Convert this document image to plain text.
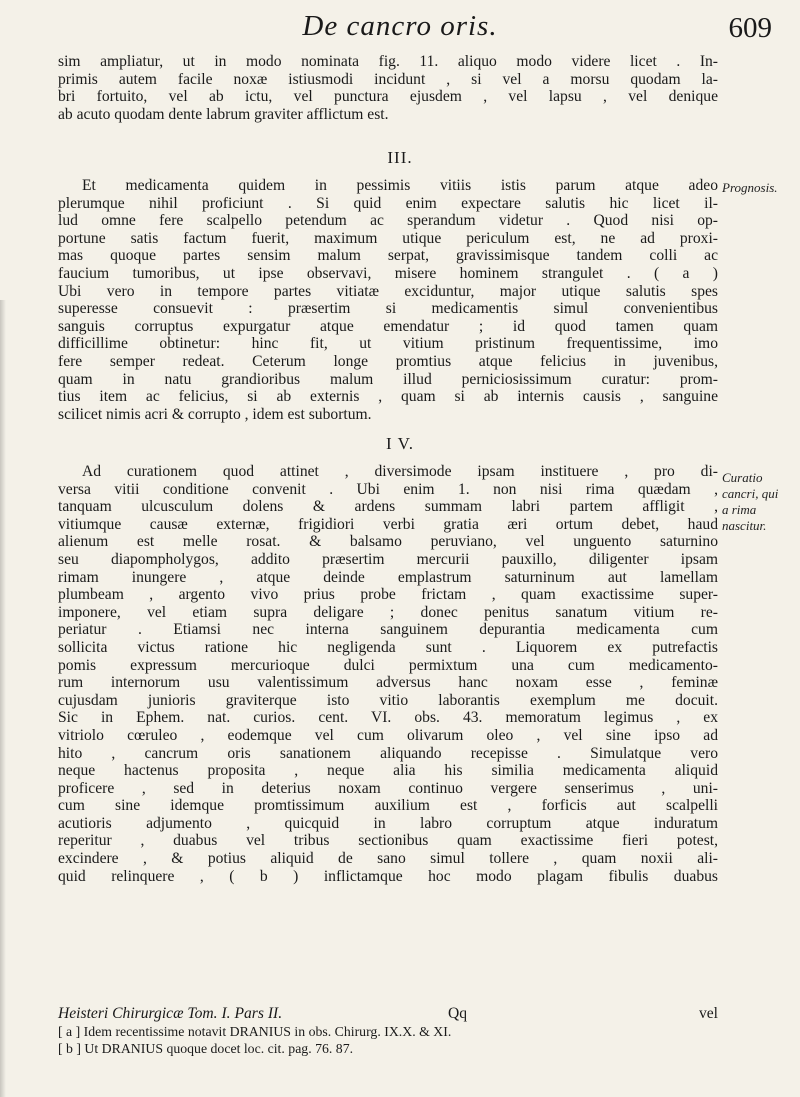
De cancro oris.	609
sim ampliatur, ut in modo nominata fig. 11. aliquo modo videre licet . In-
primis autem facile noxæ istiusmodi incidunt , si vel a morsu quodam la-
bri fortuito, vel ab ictu, vel punctura ejusdem , vel lapsu , vel denique
ab acuto quodam dente labrum graviter afflictum est.
III.
Prognosis.
Et medicamenta quidem in pessimis vitiis istis parum atque adeo
plerumque nihil proficiunt . Si quid enim expectare salutis hic licet il-
lud omne fere scalpello petendum ac sperandum videtur . Quod nisi op-
portune satis factum fuerit, maximum utique periculum est, ne ad proxi-
mas quoque partes sensim malum serpat, gravissimisque tandem colli ac
faucium tumoribus, ut ipse observavi, misere hominem strangulet . ( a )
Ubi vero in tempore partes vitiatæ exciduntur, major utique salutis spes
superesse consuevit : præsertim si medicamentis simul convenientibus
sanguis corruptus expurgatur atque emendatur ; id quod tamen quam
difficillime obtinetur: hinc fit, ut vitium pristinum frequentissime, imo
fere semper redeat. Ceterum longe promtius atque felicius in juvenibus,
quam in natu grandioribus malum illud perniciosissimum curatur: prom-
tius item ac felicius, si ab externis , quam si ab internis causis , sanguine
scilicet nimis acri & corrupto , idem est subortum.
I V.
Curatio
cancri, qui
a rima
nascitur.
Ad curationem quod attinet , diversimode ipsam instituere , pro di-
versa vitii conditione convenit . Ubi enim 1. non nisi rima quædam ,
tanquam ulcusculum dolens & ardens summam labri partem affligit ,
vitiumque causæ externæ, frigidiori verbi gratia æri ortum debet, haud
alienum est melle rosat. & balsamo peruviano, vel unguento saturnino
seu diapompholygos, addito præsertim mercurii pauxillo, diligenter ipsam
rimam inungere , atque deinde emplastrum saturninum aut lamellam
plumbeam , argento vivo prius probe frictam , quam exactissime super-
imponere, vel etiam supra deligare ; donec penitus sanatum vitium re-
periatur . Etiamsi nec interna sanguinem depurantia medicamenta cum
sollicita victus ratione hic negligenda sunt . Liquorem ex putrefactis
pomis expressum mercurioque dulci permixtum una cum medicamento-
rum internorum usu valentissimum adversus hanc noxam esse , feminæ
cujusdam junioris graviterque isto vitio laborantis exemplum me docuit.
Sic in Ephem. nat. curios. cent. VI. obs. 43. memoratum legimus , ex
vitriolo cœruleo , eodemque vel cum olivarum oleo , vel sine ipso ad
hito , cancrum oris sanationem aliquando recepisse . Simulatque vero
neque hactenus proposita , neque alia his similia medicamenta aliquid
proficere , sed in deterius noxam continuo vergere senserimus , uni-
cum sine idemque promtissimum auxilium est , forficis aut scalpelli
acutioris adjumento , quicquid in labro corruptum atque induratum
reperitur , duabus vel tribus sectionibus quam exactissime fieri potest,
excindere , & potius aliquid de sano simul tollere , quam noxii ali-
quid relinquere , ( b ) inflictamque hoc modo plagam fibulis duabus
Heisteri Chirurgicæ Tom. I. Pars II.	Qq	vel
[ a ] Idem recentissime notavit DRANIUS in obs. Chirurg. IX.X. & XI.
[ b ] Ut DRANIUS quoque docet loc. cit. pag. 76. 87.
